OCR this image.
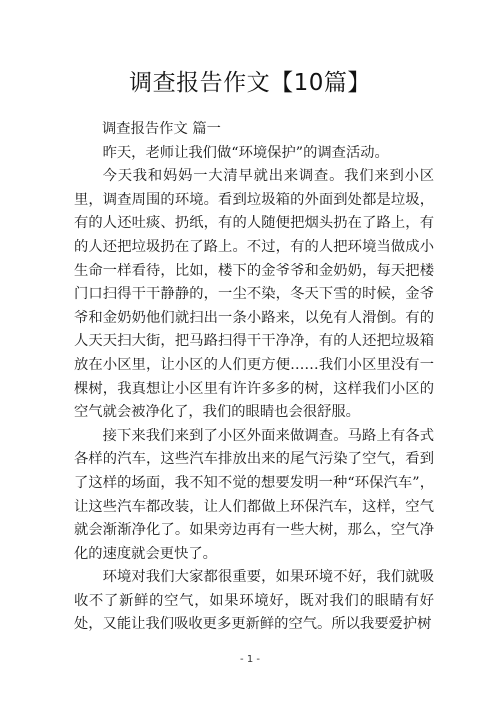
调查报告作文【10篇】

调查报告作文 篇一

昨天，老师让我们做“环境保护”的调查活动。

今天我和妈妈一大清早就出来调查。我们来到小区里，调查周围的环境。看到垃圾箱的外面到处都是垃圾，有的人还吐痰、扔纸，有的人随便把烟头扔在了路上，有的人还把垃圾扔在了路上。不过，有的人把环境当做成小生命一样看待，比如，楼下的金爷爷和金奶奶，每天把楼门口扫得干干静静的，一尘不染，冬天下雪的时候，金爷爷和金奶奶他们就扫出一条小路来，以免有人滑倒。有的人天天扫大街，把马路扫得干干净净，有的人还把垃圾箱放在小区里，让小区的人们更方便……我们小区里没有一棵树，我真想让小区里有许许多多的树，这样我们小区的空气就会被净化了，我们的眼睛也会很舒服。

接下来我们来到了小区外面来做调查。马路上有各式各样的汽车，这些汽车排放出来的尾气污染了空气，看到了这样的场面，我不知不觉的想要发明一种“环保汽车”，让这些汽车都改装，让人们都做上环保汽车，这样，空气就会渐渐净化了。如果旁边再有一些大树，那么，空气净化的速度就会更快了。

环境对我们大家都很重要，如果环境不好，我们就吸收不了新鲜的空气，如果环境好，既对我们的眼睛有好处，又能让我们吸收更多更新鲜的空气。所以我要爱护树

- 1 -
